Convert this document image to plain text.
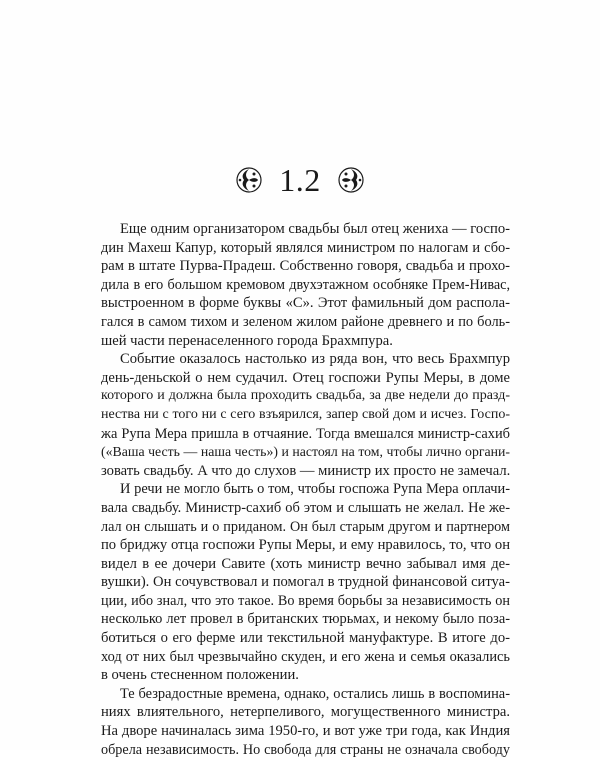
1.2
Еще одним организатором свадьбы был отец жениха — госпо-
дин Махеш Капур, который являлся министром по налогам и сбо-
рам в штате Пурва-Прадеш. Собственно говоря, свадьба и прохо-
дила в его большом кремовом двухэтажном особняке Прем-Нивас,
выстроенном в форме буквы «С». Этот фамильный дом распола-
гался в самом тихом и зеленом жилом районе древнего и по боль-
шей части перенаселенного города Брахмпура.
Событие оказалось настолько из ряда вон, что весь Брахмпур
день-деньской о нем судачил. Отец госпожи Рупы Меры, в доме
которого и должна была проходить свадьба, за две недели до празд-
нества ни с того ни с сего взъярился, запер свой дом и исчез. Госпо-
жа Рупа Мера пришла в отчаяние. Тогда вмешался министр-сахиб
(«Ваша честь — наша честь») и настоял на том, чтобы лично органи-
зовать свадьбу. А что до слухов — министр их просто не замечал.
И речи не могло быть о том, чтобы госпожа Рупа Мера оплачи-
вала свадьбу. Министр-сахиб об этом и слышать не желал. Не же-
лал он слышать и о приданом. Он был старым другом и партнером
по бриджу отца госпожи Рупы Меры, и ему нравилось, то, что он
видел в ее дочери Савите (хоть министр вечно забывал имя де-
вушки). Он сочувствовал и помогал в трудной финансовой ситуа-
ции, ибо знал, что это такое. Во время борьбы за независимость он
несколько лет провел в британских тюрьмах, и некому было поза-
ботиться о его ферме или текстильной мануфактуре. В итоге до-
ход от них был чрезвычайно скуден, и его жена и семья оказались
в очень стесненном положении.
Те безрадостные времена, однако, остались лишь в воспомина-
ниях влиятельного, нетерпеливого, могущественного министра.
На дворе начиналась зима 1950-го, и вот уже три года, как Индия
обрела независимость. Но свобода для страны не означала свободу
